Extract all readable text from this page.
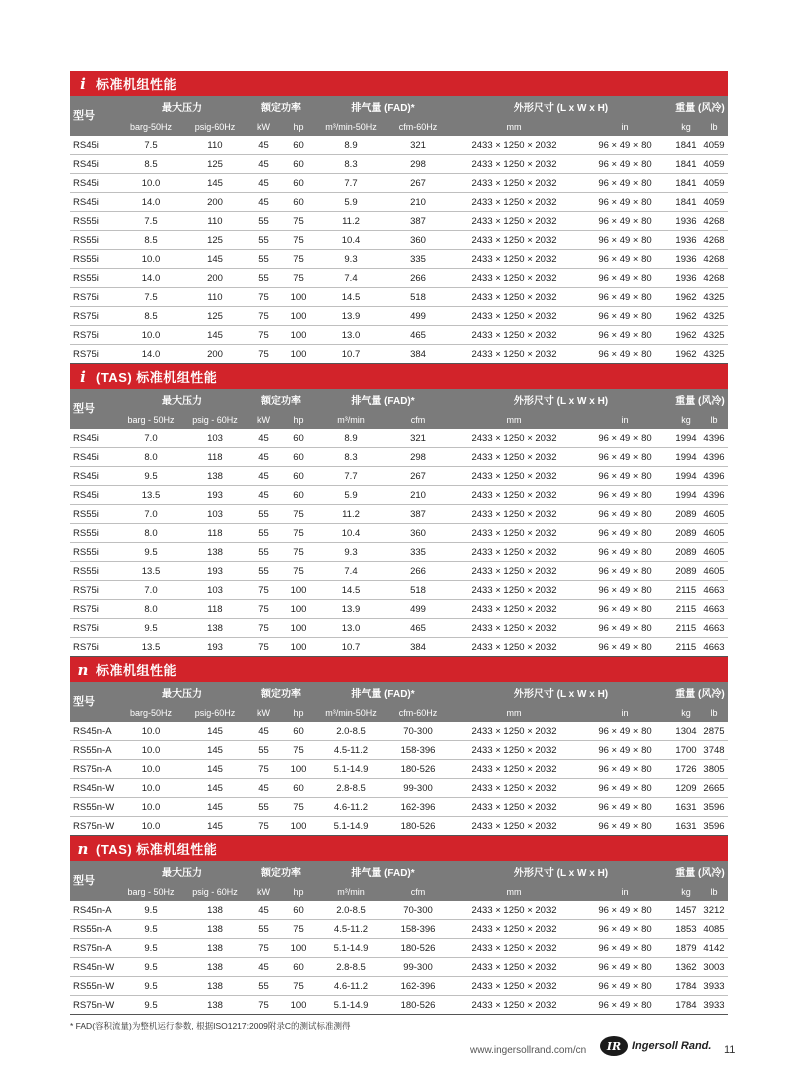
i 标准机组性能
型号
最大压力	额定功率	排气量 (FAD)*	外形尺寸 (L x W x H)	重量 (风冷)
barg-50Hz	psig-60Hz	kW	hp	m³/min-50Hz	cfm-60Hz	mm	in	kg	lb
RS45i	7.5	110	45	60	8.9	321	2433 × 1250 × 2032	96 × 49 × 80	1841 4059
RS45i	8.5	125	45	60	8.3	298	2433 × 1250 × 2032	96 × 49 × 80	1841 4059
RS45i	10.0	145	45	60	7.7	267	2433 × 1250 × 2032	96 × 49 × 80	1841 4059
RS45i	14.0	200	45	60	5.9	210	2433 × 1250 × 2032	96 × 49 × 80	1841 4059
RS55i	7.5	110	55	75	11.2	387	2433 × 1250 × 2032	96 × 49 × 80	1936 4268
RS55i	8.5	125	55	75	10.4	360	2433 × 1250 × 2032	96 × 49 × 80	1936 4268
RS55i	10.0	145	55	75	9.3	335	2433 × 1250 × 2032	96 × 49 × 80	1936 4268
RS55i	14.0	200	55	75	7.4	266	2433 × 1250 × 2032	96 × 49 × 80	1936 4268
RS75i	7.5	110	75	100	14.5	518	2433 × 1250 × 2032	96 × 49 × 80	1962 4325
RS75i	8.5	125	75	100	13.9	499	2433 × 1250 × 2032	96 × 49 × 80	1962 4325
RS75i	10.0	145	75	100	13.0	465	2433 × 1250 × 2032	96 × 49 × 80	1962 4325
RS75i	14.0	200	75	100	10.7	384	2433 × 1250 × 2032	96 × 49 × 80	1962 4325
i (TAS) 标准机组性能
型号
最大压力	额定功率	排气量 (FAD)*	外形尺寸 (L x W x H)	重量 (风冷)
barg - 50Hz	psig - 60Hz	kW	hp	m³/min	cfm	mm	in	kg	lb
RS45i	7.0	103	45	60	8.9	321	2433 × 1250 × 2032	96 × 49 × 80	1994 4396
RS45i	8.0	118	45	60	8.3	298	2433 × 1250 × 2032	96 × 49 × 80	1994 4396
RS45i	9.5	138	45	60	7.7	267	2433 × 1250 × 2032	96 × 49 × 80	1994 4396
RS45i	13.5	193	45	60	5.9	210	2433 × 1250 × 2032	96 × 49 × 80	1994 4396
RS55i	7.0	103	55	75	11.2	387	2433 × 1250 × 2032	96 × 49 × 80	2089 4605
RS55i	8.0	118	55	75	10.4	360	2433 × 1250 × 2032	96 × 49 × 80	2089 4605
RS55i	9.5	138	55	75	9.3	335	2433 × 1250 × 2032	96 × 49 × 80	2089 4605
RS55i	13.5	193	55	75	7.4	266	2433 × 1250 × 2032	96 × 49 × 80	2089 4605
RS75i	7.0	103	75	100	14.5	518	2433 × 1250 × 2032	96 × 49 × 80	2115 4663
RS75i	8.0	118	75	100	13.9	499	2433 × 1250 × 2032	96 × 49 × 80	2115 4663
RS75i	9.5	138	75	100	13.0	465	2433 × 1250 × 2032	96 × 49 × 80	2115 4663
RS75i	13.5	193	75	100	10.7	384	2433 × 1250 × 2032	96 × 49 × 80	2115 4663
n 标准机组性能
型号
最大压力	额定功率	排气量 (FAD)*	外形尺寸 (L x W x H)	重量 (风冷)
barg-50Hz	psig-60Hz	kW	hp	m³/min-50Hz	cfm-60Hz	mm	in	kg	lb
RS45n-A	10.0	145	45	60	2.0-8.5	70-300	2433 × 1250 × 2032	96 × 49 × 80	1304 2875
RS55n-A	10.0	145	55	75	4.5-11.2	158-396	2433 × 1250 × 2032	96 × 49 × 80	1700 3748
RS75n-A	10.0	145	75	100	5.1-14.9	180-526	2433 × 1250 × 2032	96 × 49 × 80	1726 3805
RS45n-W	10.0	145	45	60	2.8-8.5	99-300	2433 × 1250 × 2032	96 × 49 × 80	1209 2665
RS55n-W	10.0	145	55	75	4.6-11.2	162-396	2433 × 1250 × 2032	96 × 49 × 80	1631 3596
RS75n-W	10.0	145	75	100	5.1-14.9	180-526	2433 × 1250 × 2032	96 × 49 × 80	1631 3596
n (TAS) 标准机组性能
型号
最大压力	额定功率	排气量 (FAD)*	外形尺寸 (L x W x H)	重量 (风冷)
barg - 50Hz	psig - 60Hz	kW	hp	m³/min	cfm	mm	in	kg	lb
RS45n-A	9.5	138	45	60	2.0-8.5	70-300	2433 × 1250 × 2032	96 × 49 × 80	1457 3212
RS55n-A	9.5	138	55	75	4.5-11.2	158-396	2433 × 1250 × 2032	96 × 49 × 80	1853 4085
RS75n-A	9.5	138	75	100	5.1-14.9	180-526	2433 × 1250 × 2032	96 × 49 × 80	1879 4142
RS45n-W	9.5	138	45	60	2.8-8.5	99-300	2433 × 1250 × 2032	96 × 49 × 80	1362 3003
RS55n-W	9.5	138	55	75	4.6-11.2	162-396	2433 × 1250 × 2032	96 × 49 × 80	1784 3933
RS75n-W	9.5	138	75	100	5.1-14.9	180-526	2433 × 1250 × 2032	96 × 49 × 80	1784 3933
* FAD(容积流量)为整机运行参数, 根据ISO1217:2009附录C的测试标准测得
www.ingersollrand.com/cn	IR Ingersoll Rand. 11
